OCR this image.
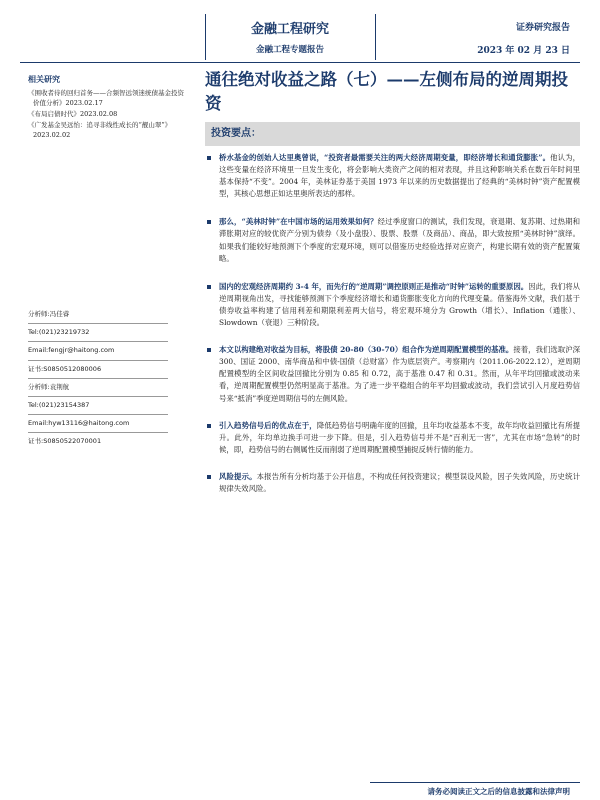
金融工程研究
金融工程专题报告
证券研究报告
2023 年 02 月 23 日
相关研究
《围收者待的回归首务——合频智远领迷统债基金投资价值分析》2023.02.17
《布局启债时代》2023.02.08
《广发基金吴远怡：追寻非线性成长的“靓山翠”》2023.02.02
分析师:冯佳睿
Tel:(021)23219732
Email:fengjr@haitong.com
证书:S0850512080006
分析师:袁荆航
Tel:(021)23154387
Email:hyw13116@haitong.com
证书:S0850522070001
通往绝对收益之路（七）——左侧布局的逆周期投资
投资要点：
桥水基金的创始人达里奥曾说，“投资者最需要关注的两大经济周期变量，即经济增长和通货膨胀”。他认为，这些变量在经济环境里一旦发生变化，将会影响大类资产之间的相对表现，并且这种影响关系在数百年时间里基本保持“不变”。2004 年，美林证券基于美国 1973 年以来的历史数据提出了经典的“美林时钟”资产配置模型，其核心思想正如达里奥所表达的那样。
那么，“美林时钟”在中国市场的运用效果如何？经过季度窗口的测试，我们发现，衰退期、复苏期、过热期和滞胀期对应的较优资产分别为债券（及小盘股）、股票、股票（及商品）、商品，即大致按照“美林时钟”演绎。如果我们能较好地预测下个季度的宏观环境，则可以借鉴历史经验选择对应资产，构建长期有效的资产配置策略。
国内的宏观经济周期约 3-4 年，而先行的“逆周期”调控原则正是推动“时钟”运转的重要原因。因此，我们将从逆周期视角出发，寻找能够预测下个季度经济增长和通货膨胀变化方向的代理变量。借鉴海外文献，我们基于债券收益率构建了信用利差和期限利差两大信号，将宏观环境分为 Growth（增长）、Inflation（通胀）、Slowdown（衰退）三种阶段。
本文以构建绝对收益为目标，将股债 20-80（30-70）组合作为逆周期配置模型的基准。接着，我们选取沪深 300、国证 2000、南华商品和中债-国债（总财富）作为底层资产。考察期内（2011.06-2022.12），逆周期配置模型的全区间收益回撤比分别为 0.85 和 0.72，高于基准 0.47 和 0.31。然而，从年平均回撤或波动来看，逆周期配置模型仍然明显高于基准。为了进一步平稳组合的年平均回撤或波动，我们尝试引入月度趋势信号来“抵消”季度逆周期信号的左侧风险。
引入趋势信号后的优点在于，降低趋势信号明确年度的回撤，且年均收益基本不变，故年均收益回撤比有所提升。此外，年均单边换手可进一步下降。但是，引入趋势信号并不是“百利无一害”，尤其在市场“急转”的时候，即，趋势信号的右侧属性反而削弱了逆周期配置模型捕捉反转行情的能力。
风险提示。本报告所有分析均基于公开信息，不构成任何投资建议；模型误设风险，因子失效风险，历史统计规律失效风险。
请务必阅读正文之后的信息披露和法律声明
